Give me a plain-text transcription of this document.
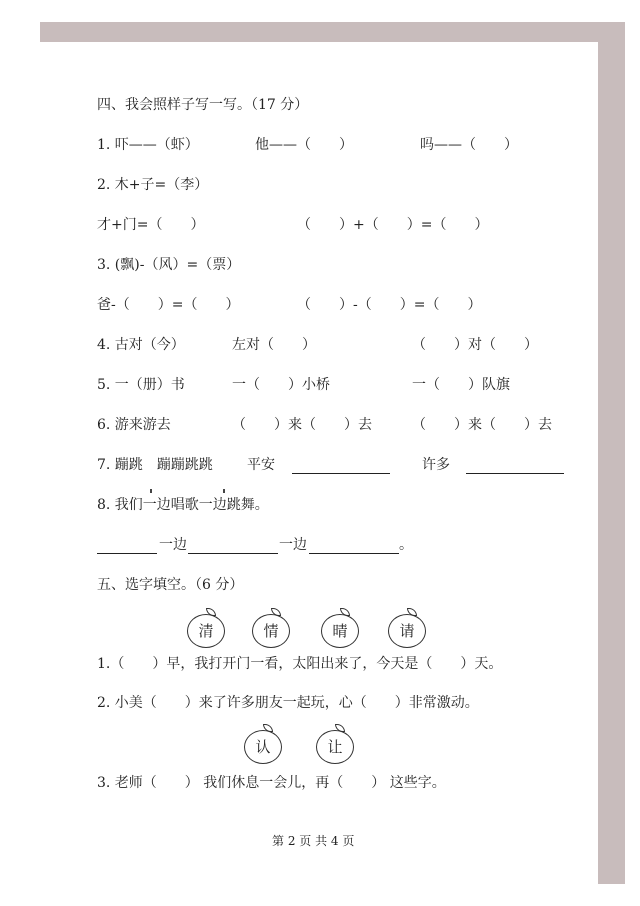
四、我会照样子写一写。（17 分）
1. 吓——（虾）	他——（　　）	吗——（　　）
2. 木+子=（李）
才+门=（　　）	（　　）+（　　）=（　　）
3. (飘)-（风）=（票）
爸-（　　）=（　　）	（　　）-（　　）=（　　）
4. 古对（今）	左对（　　）	（　　）对（　　）
5. 一（册）书	一（　　）小桥	一（　　）队旗
6. 游来游去	（　　）来（　　）去	（　　）来（　　）去
7. 蹦跳　蹦蹦跳跳 平安	许多
8. 我们一边唱歌一边跳舞。
一边	一边	。
五、选字填空。（6 分）
清	情	晴	请
1.（　　）早，我打开门一看，太阳出来了，今天是（　　）天。
2. 小美（　　）来了许多朋友一起玩，心（　　）非常激动。
认	让
3. 老师（　　） 我们休息一会儿，再（　　） 这些字。
第 2 页 共 4 页
